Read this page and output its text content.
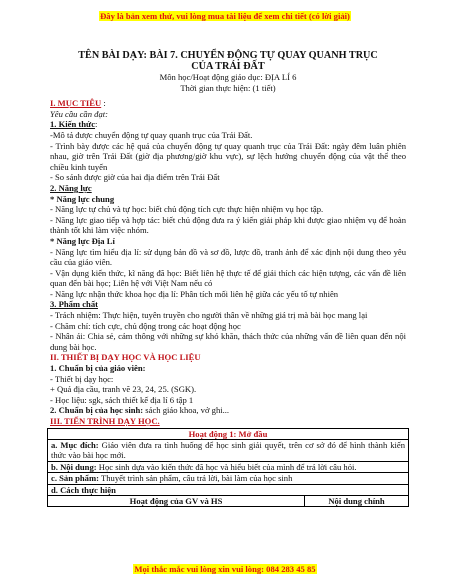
Đây là bản xem thử, vui lòng mua tài liệu để xem chi tiết (có lời giải)
TÊN BÀI DẠY: BÀI 7. CHUYỂN ĐỘNG TỰ QUAY QUANH TRỤC
CỦA TRÁI ĐẤT
Môn học/Hoạt động giáo dục: ĐỊA LÍ 6
Thời gian thực hiện: (1 tiết)
I. MỤC TIÊU :
Yêu cầu cần đạt:
1. Kiến thức:
-Mô tả được chuyển động tự quay quanh trục của Trái Đất.
- Trình bày được các hệ quả của chuyển động tự quay quanh trục của Trái Đất: ngày đêm luân phiên nhau, giờ trên Trái Đất (giờ địa phương/giờ khu vực), sự lệch hướng chuyển động của vật thể theo chiều kinh tuyến
- So sánh được giờ của hai địa điểm trên Trái Đất
2. Năng lực
* Năng lực chung
- Năng lực tự chủ và tự học: biết chủ động tích cực thực hiện nhiệm vụ học tập.
- Năng lực giao tiếp và hợp tác: biết chủ động đưa ra ý kiến giải pháp khi được giao nhiệm vụ để hoàn thành tốt khi làm việc nhóm.
* Năng lực Địa Lí
- Năng lực tìm hiểu địa lí: sử dụng bản đồ và sơ đồ, lược đồ, tranh ảnh để xác định nội dung theo yêu cầu của giáo viên.
- Vận dụng kiến thức, kĩ năng đã học: Biết liên hệ thực tế để giải thích các hiện tượng, các vấn đề liên quan đến bài học; Liên hệ với Việt Nam nếu có
- Năng lực nhận thức khoa học địa lí: Phân tích mối liên hệ giữa các yếu tố tự nhiên
3. Phẩm chất
- Trách nhiệm: Thực hiện, tuyên truyền cho người thân về những giá trị mà bài học mang lại
- Chăm chỉ: tích cực, chủ động trong các hoạt động học
- Nhân ái: Chia sẻ, cảm thông với những sự khó khăn, thách thức của những vấn đề liên quan đến nội dung bài học.
II. THIẾT BỊ DẠY HỌC VÀ HỌC LIỆU
1. Chuẩn bị của giáo viên:
- Thiết bị dạy học:
+ Quả địa cầu, tranh vẽ 23, 24, 25. (SGK).
- Học liệu: sgk, sách thiết kế địa lí 6 tập 1
2. Chuẩn bị của học sinh: sách giáo khoa, vở ghi...
III. TIẾN TRÌNH DẠY HỌC.
Hoạt động 1: Mở đầu
a. Mục đích: Giáo viên đưa ra tình huống để học sinh giải quyết, trên cơ sở đó để hình thành kiến thức vào bài học mới.
b. Nội dung: Học sinh dựa vào kiến thức đã học và hiểu biết của mình để trả lời câu hỏi.
c. Sản phẩm: Thuyết trình sản phẩm, câu trả lời, bài làm của học sinh
d. Cách thực hiện
Hoạt động của GV và HS	Nội dung chính
Mọi thắc mắc vui lòng xin vui lòng: 084 283 45 85
